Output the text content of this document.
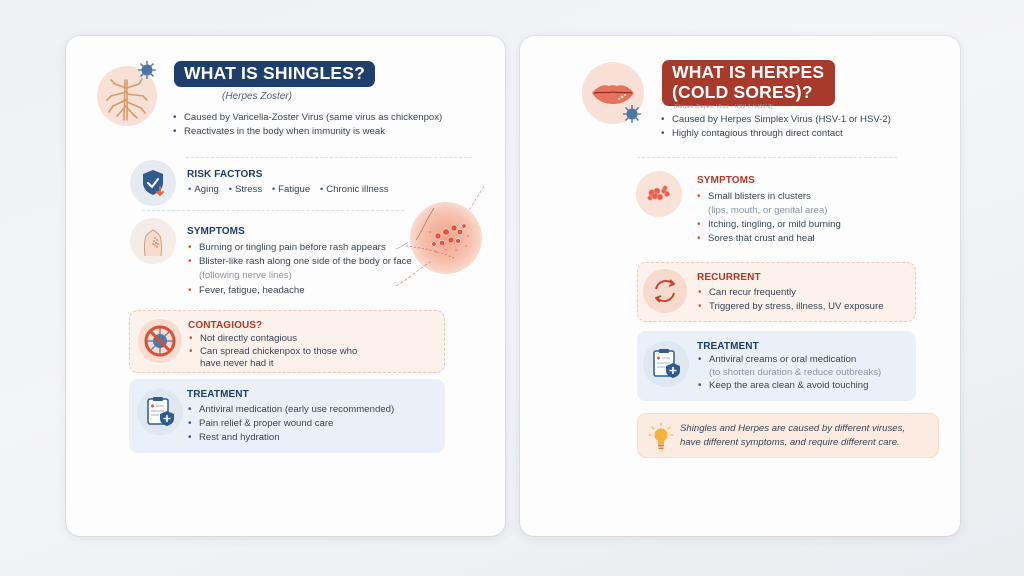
WHAT IS SHINGLES?
(Herpes Zoster)
• Caused by Varicella-Zoster Virus (same virus as chickenpox)
• Reactivates in the body when immunity is weak
RISK FACTORS
• Aging • Stress • Fatigue • Chronic illness
SYMPTOMS
• Burning or tingling pain before rash appears
• Blister-like rash along one side of the body or face
(following nerve lines)
• Fever, fatigue, headache
CONTAGIOUS?
• Not directly contagious
• Can spread chickenpox to those who have never had it
TREATMENT
• Antiviral medication (early use recommended)
• Pain relief & proper wound care
• Rest and hydration
WHAT IS HERPES
(COLD SORES)?
(Herpes Jhepes: Virus – HSV-1 / HSV-2)
• Caused by Herpes Simplex Virus (HSV-1 or HSV-2)
• Highly contagious through direct contact
SYMPTOMS
• Small blisters in clusters
(lips, mouth, or genital area)
• Itching, tingling, or mild burning
• Sores that crust and heal
RECURRENT
• Can recur frequently
• Triggered by stress, illness, UV exposure
TREATMENT
• Antiviral creams or oral medication
(to shorten duration & reduce outbreaks)
• Keep the area clean & avoid touching
Shingles and Herpes are caused by different viruses,
have different symptoms, and require different care.
